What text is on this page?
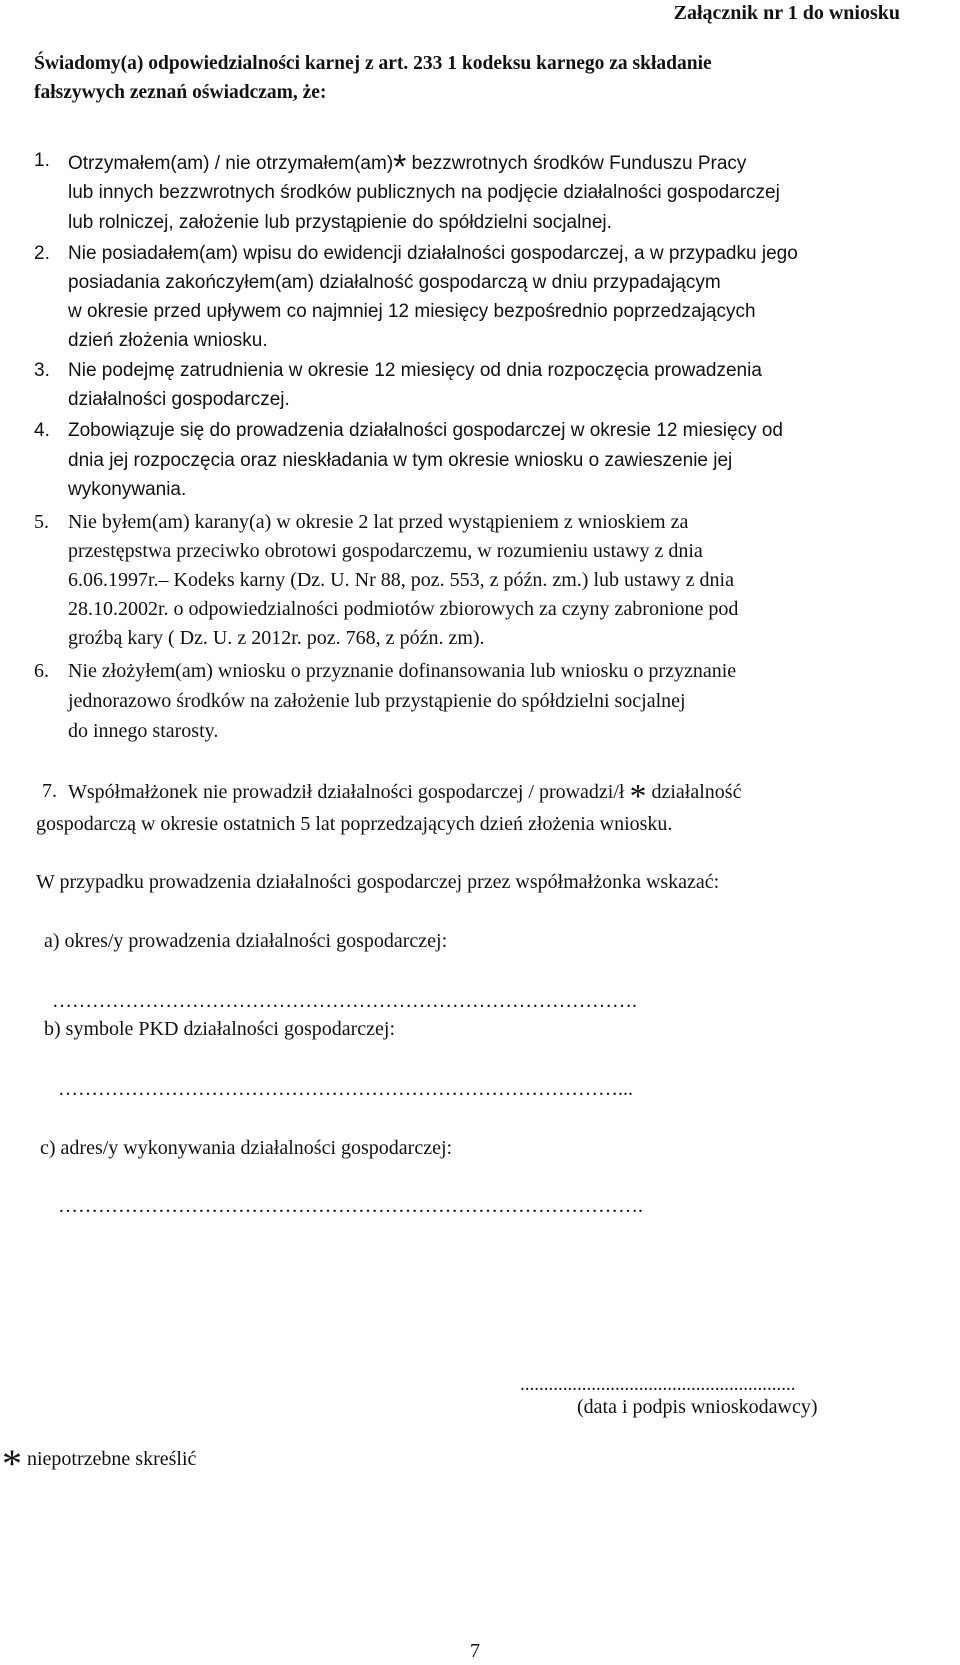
Załącznik nr 1 do wniosku
Świadomy(a) odpowiedzialności karnej z art. 233 1 kodeksu karnego za składanie
fałszywych zeznań oświadczam, że:
1. Otrzymałem(am) / nie otrzymałem(am)* bezzwrotnych środków Funduszu Pracy
lub innych bezzwrotnych środków publicznych na podjęcie działalności gospodarczej
lub rolniczej, założenie lub przystąpienie do spółdzielni socjalnej.
2. Nie posiadałem(am) wpisu do ewidencji działalności gospodarczej, a w przypadku jego
posiadania zakończyłem(am) działalność gospodarczą w dniu przypadającym
w okresie przed upływem co najmniej 12 miesięcy bezpośrednio poprzedzających
dzień złożenia wniosku.
3. Nie podejmę zatrudnienia w okresie 12 miesięcy od dnia rozpoczęcia prowadzenia
działalności gospodarczej.
4. Zobowiązuje się do prowadzenia działalności gospodarczej w okresie 12 miesięcy od
dnia jej rozpoczęcia oraz nieskładania w tym okresie wniosku o zawieszenie jej
wykonywania.
5. Nie byłem(am) karany(a) w okresie 2 lat przed wystąpieniem z wnioskiem za
przestępstwa przeciwko obrotowi gospodarczemu, w rozumieniu ustawy z dnia
6.06.1997r.– Kodeks karny (Dz. U. Nr 88, poz. 553, z późn. zm.) lub ustawy z dnia
28.10.2002r. o odpowiedzialności podmiotów zbiorowych za czyny zabronione pod
groźbą kary ( Dz. U. z 2012r. poz. 768, z późn. zm).
6. Nie złożyłem(am) wniosku o przyznanie dofinansowania lub wniosku o przyznanie
jednorazowo środków na założenie lub przystąpienie do spółdzielni socjalnej
do innego starosty.
7. Współmałżonek nie prowadził działalności gospodarczej / prowadzi/ł * działalność
gospodarczą w okresie ostatnich 5 lat poprzedzających dzień złożenia wniosku.
W przypadku prowadzenia działalności gospodarczej przez współmałżonka wskazać:
a) okres/y prowadzenia działalności gospodarczej:
…………………………………………………………………………….
b) symbole PKD działalności gospodarczej:
…………………………………………………………………………...
c) adres/y wykonywania działalności gospodarczej:
…………………………………………………………………………….
..........................................................
(data i podpis wnioskodawcy)
* niepotrzebne skreślić
7
